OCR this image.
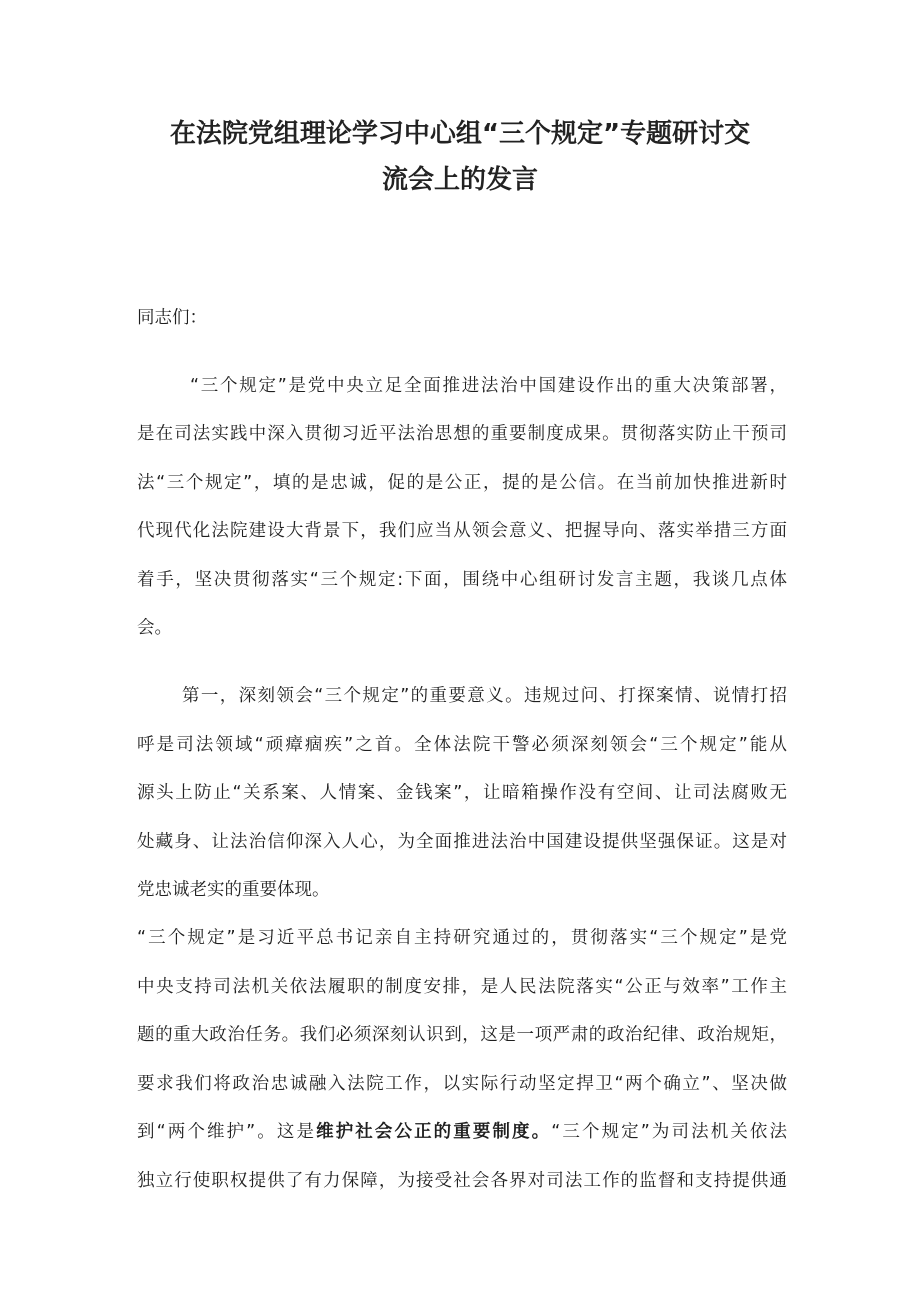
在法院党组理论学习中心组“三个规定”专题研讨交
流会上的发言
同志们：
“三个规定”是党中央立足全面推进法治中国建设作出的重大决策部署，
是在司法实践中深入贯彻习近平法治思想的重要制度成果。贯彻落实防止干预司
法“三个规定”，填的是忠诚，促的是公正，提的是公信。在当前加快推进新时
代现代化法院建设大背景下，我们应当从领会意义、把握导向、落实举措三方面
着手，坚决贯彻落实“三个规定:下面，围绕中心组研讨发言主题，我谈几点体
会。
第一，深刻领会“三个规定”的重要意义。违规过问、打探案情、说情打招
呼是司法领域“顽瘴痼疾”之首。全体法院干警必须深刻领会“三个规定”能从
源头上防止“关系案、人情案、金钱案”，让暗箱操作没有空间、让司法腐败无
处藏身、让法治信仰深入人心，为全面推进法治中国建设提供坚强保证。这是对
党忠诚老实的重要体现。
“三个规定”是习近平总书记亲自主持研究通过的，贯彻落实“三个规定”是党
中央支持司法机关依法履职的制度安排，是人民法院落实“公正与效率”工作主
题的重大政治任务。我们必须深刻认识到，这是一项严肃的政治纪律、政治规矩，
要求我们将政治忠诚融入法院工作，以实际行动坚定捍卫“两个确立”、坚决做
到“两个维护”。这是维护社会公正的重要制度。“三个规定”为司法机关依法
独立行使职权提供了有力保障，为接受社会各界对司法工作的监督和支持提供通
